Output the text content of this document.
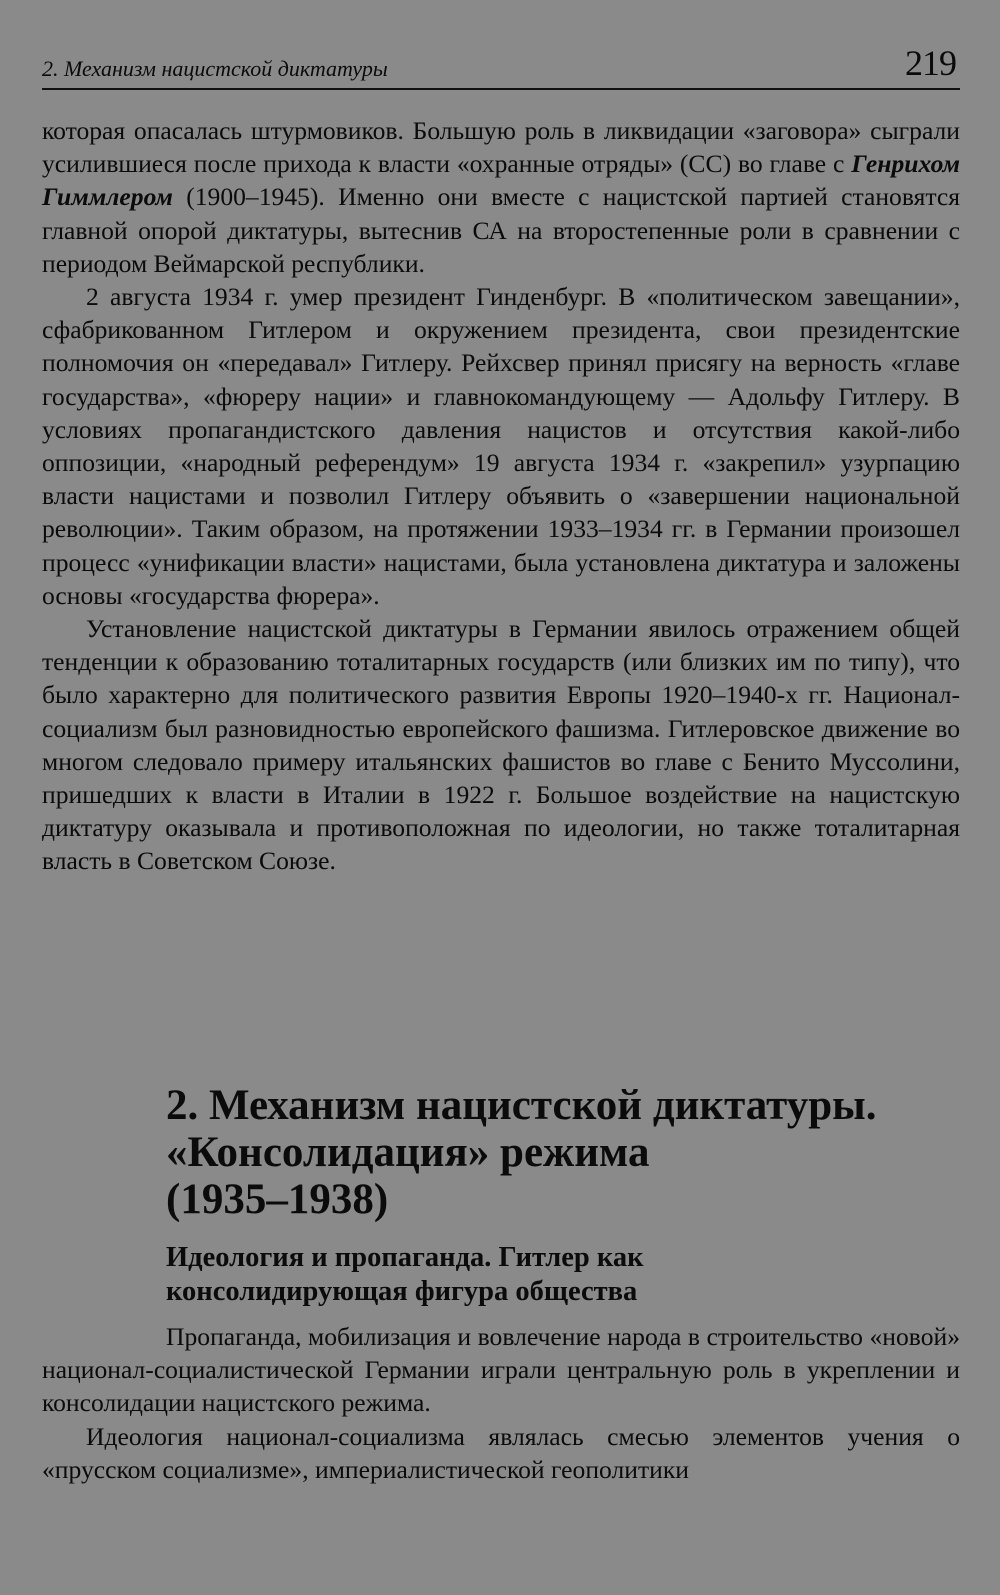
2. Механизм нацистской диктатуры	219

которая опасалась штурмовиков. Большую роль в ликвидации «заговора» сыграли усилившиеся после прихода к власти «охранные отряды» (СС) во главе с Генрихом Гиммлером (1900–1945). Именно они вместе с нацистской партией становятся главной опорой диктатуры, вытеснив СА на второстепенные роли в сравнении с периодом Веймарской республики.

2 августа 1934 г. умер президент Гинденбург. В «политическом завещании», сфабрикованном Гитлером и окружением президента, свои президентские полномочия он «передавал» Гитлеру. Рейхсвер принял присягу на верность «главе государства», «фюреру нации» и главнокомандующему — Адольфу Гитлеру. В условиях пропагандистского давления нацистов и отсутствия какой-либо оппозиции, «народный референдум» 19 августа 1934 г. «закрепил» узурпацию власти нацистами и позволил Гитлеру объявить о «завершении национальной революции». Таким образом, на протяжении 1933–1934 гг. в Германии произошел процесс «унификации власти» нацистами, была установлена диктатура и заложены основы «государства фюрера».

Установление нацистской диктатуры в Германии явилось отражением общей тенденции к образованию тоталитарных государств (или близких им по типу), что было характерно для политического развития Европы 1920–1940-х гг. Национал-социализм был разновидностью европейского фашизма. Гитлеровское движение во многом следовало примеру итальянских фашистов во главе с Бенито Муссолини, пришедших к власти в Италии в 1922 г. Большое воздействие на нацистскую диктатуру оказывала и противоположная по идеологии, но также тоталитарная власть в Советском Союзе.

2. Механизм нацистской диктатуры.
«Консолидация» режима
(1935–1938)
Идеология и пропаганда. Гитлер как консолидирующая фигура общества

Пропаганда, мобилизация и вовлечение народа в строительство «новой» национал-социалистической Германии играли центральную роль в укреплении и консолидации нацистского режима.

Идеология национал-социализма являлась смесью элементов учения о «прусском социализме», империалистической геополитики
